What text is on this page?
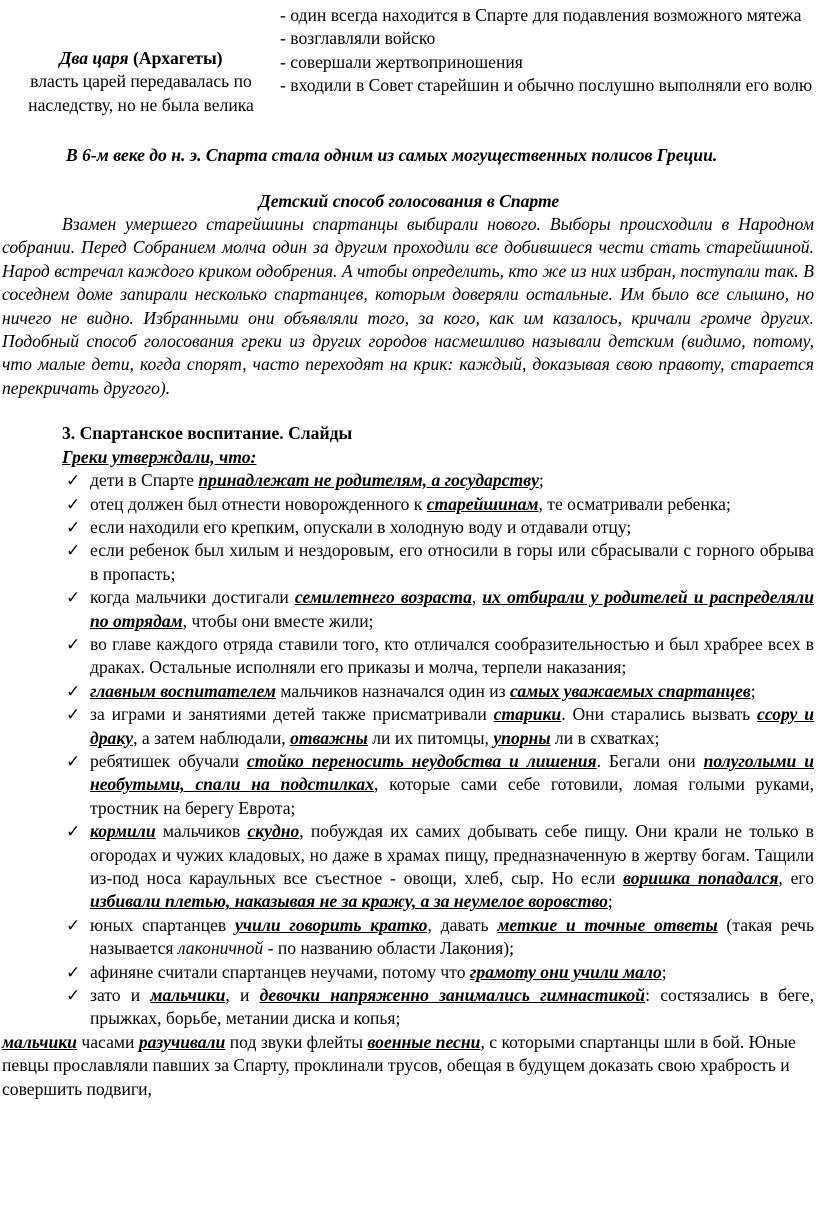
Два царя (Архагеты)
власть царей передавалась по наследству, но не была велика
- один всегда находится в Спарте для подавления возможного мятежа
- возглавляли войско
- совершали жертвоприношения
- входили в Совет старейшин и обычно послушно выполняли его волю
В 6-м веке до н. э. Спарта стала одним из самых могущественных полисов Греции.
Детский способ голосования в Спарте

Взамен умершего старейшины спартанцы выбирали нового. Выборы происходили в Народном собрании. Перед Собранием молча один за другим проходили все добившиеся чести стать старейшиной. Народ встречал каждого криком одобрения. А чтобы определить, кто же из них избран, поступали так. В соседнем доме запирали несколько спартанцев, которым доверяли остальные. Им было все слышно, но ничего не видно. Избранными они объявляли того, за кого, как им казалось, кричали громче других. Подобный способ голосования греки из других городов насмешливо называли детским (видимо, потому, что малые дети, когда спорят, часто переходят на крик: каждый, доказывая свою правоту, старается перекричать другого).

3. Спартанское воспитание. Слайды
Греки утверждали, что:
✓ дети в Спарте принадлежат не родителям, а государству;
✓ отец должен был отнести новорожденного к старейшинам, те осматривали ребенка;
✓ если находили его крепким, опускали в холодную воду и отдавали отцу;
✓ если ребенок был хилым и нездоровым, его относили в горы или сбрасывали с горного обрыва в пропасть;
✓ когда мальчики достигали семилетнего возраста, их отбирали у родителей и распределяли по отрядам, чтобы они вместе жили;
✓ во главе каждого отряда ставили того, кто отличался сообразительностью и был храбрее всех в драках. Остальные исполняли его приказы и молча, терпели наказания;
✓ главным воспитателем мальчиков назначался один из самых уважаемых спартанцев;
✓ за играми и занятиями детей также присматривали старики. Они старались вызвать ссору и драку, а затем наблюдали, отважны ли их питомцы, упорны ли в схватках;
✓ ребятишек обучали стойко переносить неудобства и лишения. Бегали они полуголыми и необутыми, спали на подстилках, которые сами себе готовили, ломая голыми руками, тростник на берегу Еврота;
✓ кормили мальчиков скудно, побуждая их самих добывать себе пищу. Они крали не только в огородах и чужих кладовых, но даже в храмах пищу, предназначенную в жертву богам. Тащили из-под носа караульных все съестное - овощи, хлеб, сыр. Но если воришка попадался, его избивали плетью, наказывая не за кражу, а за неумелое воровство;
✓ юных спартанцев учили говорить кратко, давать меткие и точные ответы (такая речь называется лаконичной - по названию области Лакония);
✓ афиняне считали спартанцев неучами, потому что грамоту они учили мало;
✓ зато и мальчики, и девочки напряженно занимались гимнастикой: состязались в беге, прыжках, борьбе, метании диска и копья;

мальчики часами разучивали под звуки флейты военные песни, с которыми спартанцы шли в бой. Юные певцы прославляли павших за Спарту, проклинали трусов, обещая в будущем доказать свою храбрость и совершить подвиги,
